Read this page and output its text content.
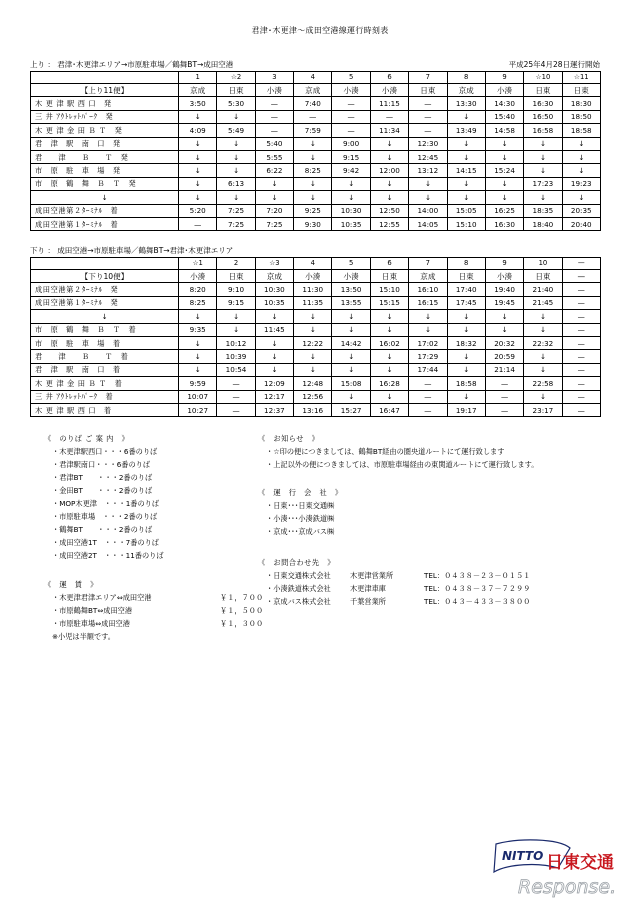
君津･木更津～成田空港線運行時刻表
上り ： 君津･木更津エリア→市原駐車場／鶴舞BT→成田空港	平成25年4月28日運行開始
	1	☆2	3	4	5	6	7	8	9	☆10	☆11
【上り11便】	京成	日東	小湊	京成	小湊	小湊	日東	京成	小湊	日東	日東
木 更 津 駅 西 口　発	3:50	5:30	—	7:40	—	11:15	—	13:30	14:30	16:30	18:30
三 井 ｱｳﾄﾚｯﾄﾊﾟｰｸ　発	↓	↓	—	—	—	—	—	↓	15:40	16:50	18:50
木 更 津 金 田 Ｂ Ｔ　発	4:09	5:49	—	7:59	—	11:34	—	13:49	14:58	16:58	18:58
君　津　駅　南　口　発	↓	↓	5:40	↓	9:00	↓	12:30	↓	↓	↓	↓
君　　津　　Ｂ　　Ｔ　発	↓	↓	5:55	↓	9:15	↓	12:45	↓	↓	↓	↓
市　原　駐　車　場　発	↓	↓	6:22	8:25	9:42	12:00	13:12	14:15	15:24	↓	↓
市　原　鶴　舞　Ｂ　Ｔ　発	↓	6:13	↓	↓	↓	↓	↓	↓	↓	17:23	19:23
↓	↓	↓	↓	↓	↓	↓	↓	↓	↓	↓	↓
成田空港第２ﾀｰﾐﾅﾙ　着	5:20	7:25	7:20	9:25	10:30	12:50	14:00	15:05	16:25	18:35	20:35
成田空港第１ﾀｰﾐﾅﾙ　着	—	7:25	7:25	9:30	10:35	12:55	14:05	15:10	16:30	18:40	20:40
下り ： 成田空港→市原駐車場／鶴舞BT→君津･木更津エリア
	☆1	2	☆3	4	5	6	7	8	9	10	—
【下り10便】	小湊	日東	京成	小湊	小湊	日東	京成	日東	小湊	日東	—
成田空港第２ﾀｰﾐﾅﾙ　発	8:20	9:10	10:30	11:30	13:50	15:10	16:10	17:40	19:40	21:40	—
成田空港第１ﾀｰﾐﾅﾙ　発	8:25	9:15	10:35	11:35	13:55	15:15	16:15	17:45	19:45	21:45	—
↓	↓	↓	↓	↓	↓	↓	↓	↓	↓	↓	—
市　原　鶴　舞　Ｂ　Ｔ　着	9:35	↓	11:45	↓	↓	↓	↓	↓	↓	↓	—
市　原　駐　車　場　着	↓	10:12	↓	12:22	14:42	16:02	17:02	18:32	20:32	22:32	—
君　　津　　Ｂ　　Ｔ　着	↓	10:39	↓	↓	↓	↓	17:29	↓	20:59	↓	—
君　津　駅　南　口　着	↓	10:54	↓	↓	↓	↓	17:44	↓	21:14	↓	—
木 更 津 金 田 Ｂ Ｔ　着	9:59	—	12:09	12:48	15:08	16:28	—	18:58	—	22:58	—
三 井 ｱｳﾄﾚｯﾄﾊﾟｰｸ　着	10:07	—	12:17	12:56	↓	↓	—	↓	—	↓	—
木 更 津 駅 西 口　着	10:27	—	12:37	13:16	15:27	16:47	—	19:17	—	23:17	—
《　のりば ご 案 内　》
・木更津駅西口・・・6番のりば
・君津駅南口・・・6番のりば
・君津BT　　・・・2番のりば
・金田BT　　・・・2番のりば
・MOP木更津　・・・1番のりば
・市原駐車場　・・・2番のりば
・鶴舞BT　　・・・2番のりば
・成田空港1T　・・・7番のりば
・成田空港2T　・・・11番のりば
《　運　賃　》
・木更津君津エリア⇔成田空港	￥１，７００
・市原鶴舞BT⇔成田空港	￥１，５００
・市原駐車場⇔成田空港	￥１，３００
※小児は半額です。
《　お知らせ　》
・☆印の便につきましては、鶴舞BT経由の圏央道ルートにて運行致します
・上記以外の便につきましては、市原駐車場経由の東関道ルートにて運行致します。
《　運　行　会　社　》
・日東･･･日東交通㈱
・小湊･･･小湊鉄道㈱
・京成･･･京成バス㈱
《　お問合わせ先　》
・日東交通株式会社	木更津営業所	TEL：０４３８－２３－０１５１
・小湊鉄道株式会社	木更津車庫	TEL：０４３８－３７－７２９９
・京成バス株式会社	千葉営業所	TEL：０４３－４３３－３８００
NITTO 日東交通
Response.
